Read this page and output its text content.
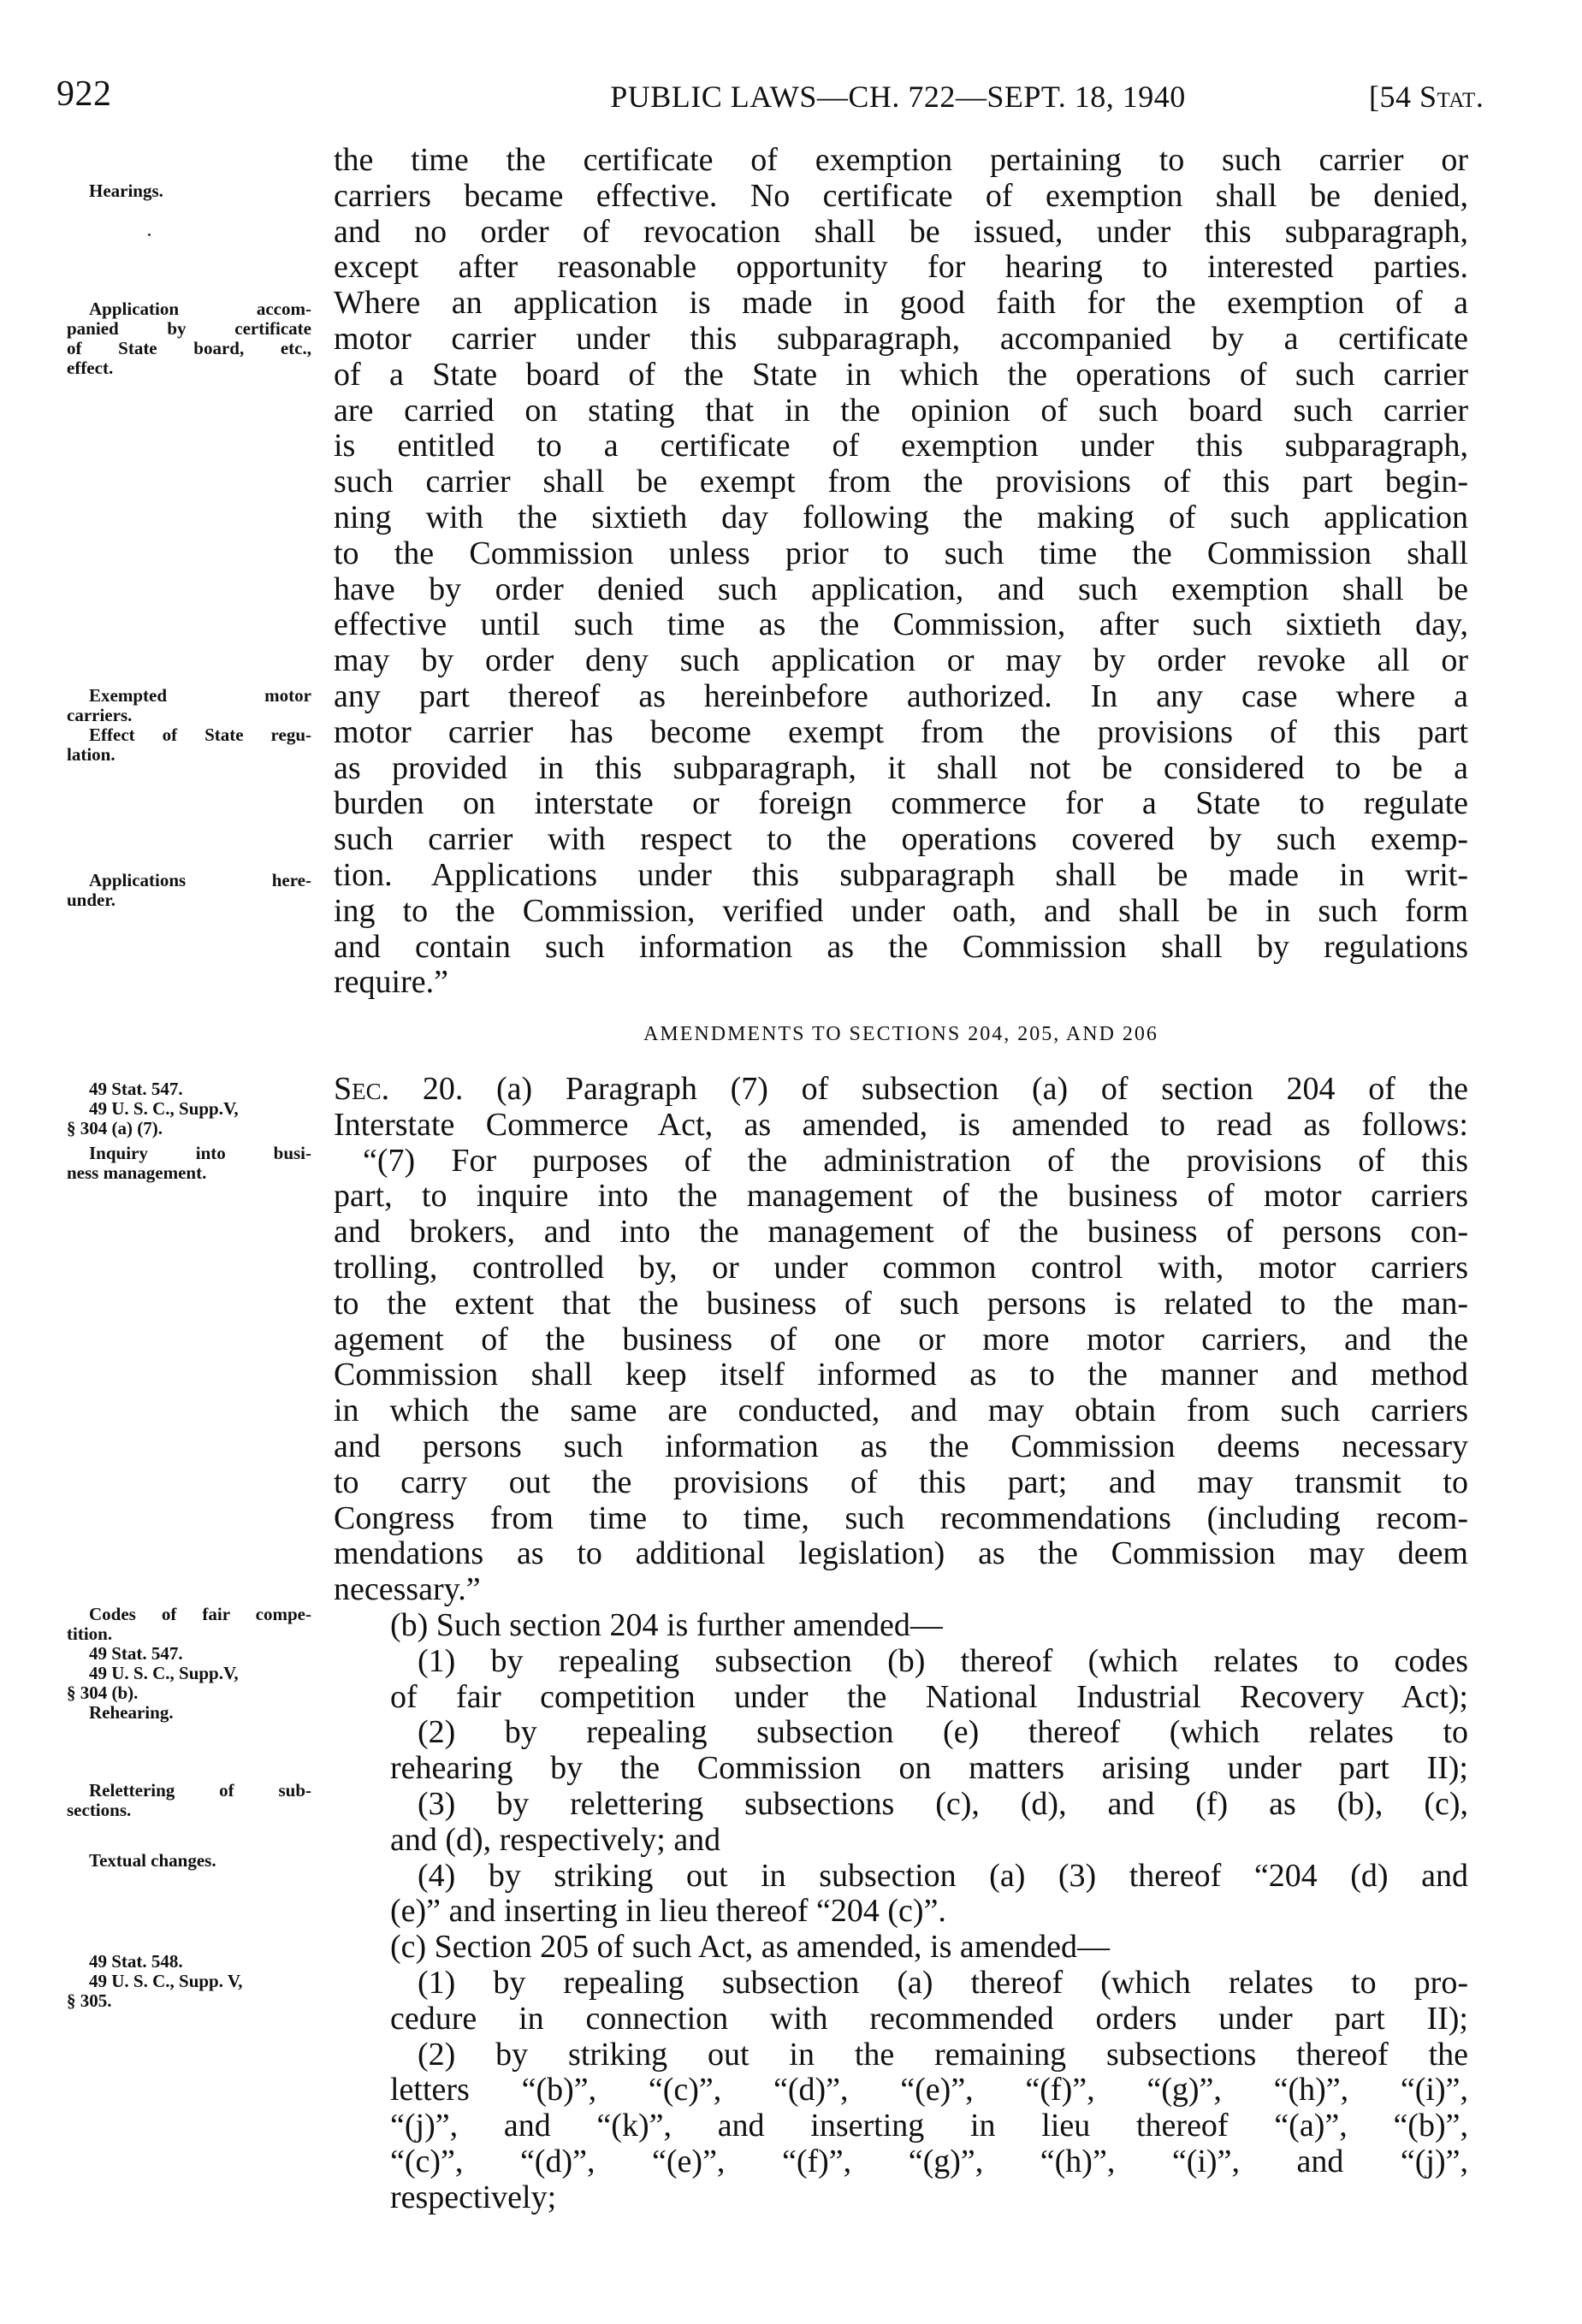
922	PUBLIC LAWS—CH. 722—SEPT. 18, 1940	[54 Stat.
Hearings.
Application accom-
panied by certificate
of State board, etc.,
effect.
Exempted motor
carriers.
Effect of State regu-
lation.
Applications here-
under.
49 Stat. 547.
49 U. S. C., Supp.V,
§ 304 (a) (7).
Inquiry into busi-
ness management.
Codes of fair compe-
tition.
49 Stat. 547.
49 U. S. C., Supp.V,
§ 304 (b).
Rehearing.
Relettering of sub-
sections.
Textual changes.
49 Stat. 548.
49 U. S. C., Supp. V,
§ 305.
the time the certificate of exemption pertaining to such carrier or
carriers became effective. No certificate of exemption shall be denied,
and no order of revocation shall be issued, under this subparagraph,
except after reasonable opportunity for hearing to interested parties.
Where an application is made in good faith for the exemption of a
motor carrier under this subparagraph, accompanied by a certificate
of a State board of the State in which the operations of such carrier
are carried on stating that in the opinion of such board such carrier
is entitled to a certificate of exemption under this subparagraph,
such carrier shall be exempt from the provisions of this part begin-
ning with the sixtieth day following the making of such application
to the Commission unless prior to such time the Commission shall
have by order denied such application, and such exemption shall be
effective until such time as the Commission, after such sixtieth day,
may by order deny such application or may by order revoke all or
any part thereof as hereinbefore authorized. In any case where a
motor carrier has become exempt from the provisions of this part
as provided in this subparagraph, it shall not be considered to be a
burden on interstate or foreign commerce for a State to regulate
such carrier with respect to the operations covered by such exemp-
tion. Applications under this subparagraph shall be made in writ-
ing to the Commission, verified under oath, and shall be in such form
and contain such information as the Commission shall by regulations
require.”
AMENDMENTS TO SECTIONS 204, 205, AND 206
Sec. 20. (a) Paragraph (7) of subsection (a) of section 204 of the
Interstate Commerce Act, as amended, is amended to read as follows:
“(7) For purposes of the administration of the provisions of this
part, to inquire into the management of the business of motor carriers
and brokers, and into the management of the business of persons con-
trolling, controlled by, or under common control with, motor carriers
to the extent that the business of such persons is related to the man-
agement of the business of one or more motor carriers, and the
Commission shall keep itself informed as to the manner and method
in which the same are conducted, and may obtain from such carriers
and persons such information as the Commission deems necessary
to carry out the provisions of this part; and may transmit to
Congress from time to time, such recommendations (including recom-
mendations as to additional legislation) as the Commission may deem
necessary.”
(b) Such section 204 is further amended—
(1) by repealing subsection (b) thereof (which relates to codes
of fair competition under the National Industrial Recovery Act);
(2) by repealing subsection (e) thereof (which relates to
rehearing by the Commission on matters arising under part II);
(3) by relettering subsections (c), (d), and (f) as (b), (c),
and (d), respectively; and
(4) by striking out in subsection (a) (3) thereof “204 (d) and
(e)” and inserting in lieu thereof “204 (c)”.
(c) Section 205 of such Act, as amended, is amended—
(1) by repealing subsection (a) thereof (which relates to pro-
cedure in connection with recommended orders under part II);
(2) by striking out in the remaining subsections thereof the
letters “(b)”, “(c)”, “(d)”, “(e)”, “(f)”, “(g)”, “(h)”, “(i)”,
“(j)”, and “(k)”, and inserting in lieu thereof “(a)”, “(b)”,
“(c)”, “(d)”, “(e)”, “(f)”, “(g)”, “(h)”, “(i)”, and “(j)”,
respectively;
